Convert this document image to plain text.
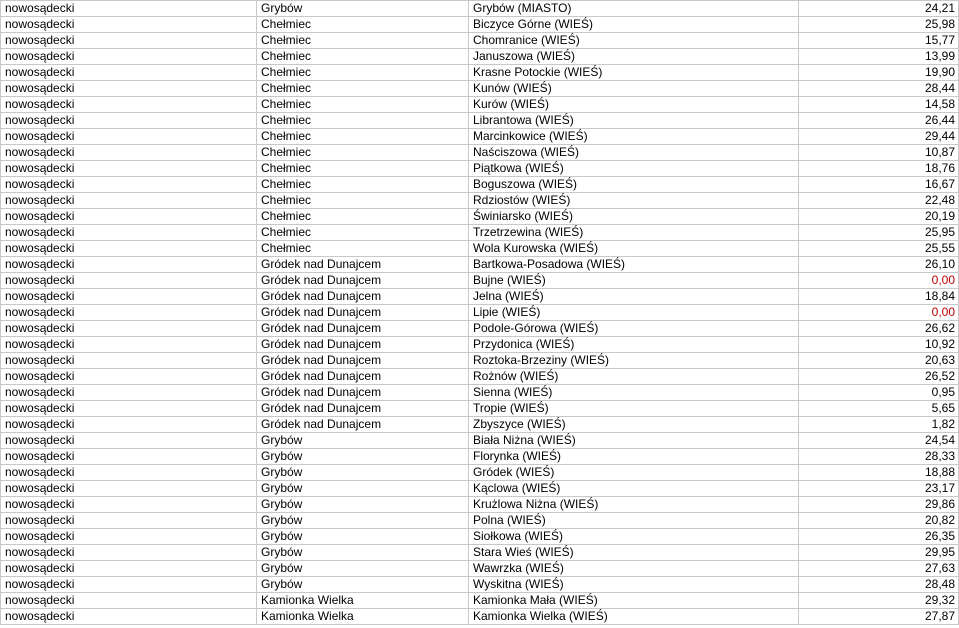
nowosądecki	Grybów	Grybów (MIASTO)	24,21
nowosądecki	Chełmiec	Biczyce Górne (WIEŚ)	25,98
nowosądecki	Chełmiec	Chomranice (WIEŚ)	15,77
nowosądecki	Chełmiec	Januszowa (WIEŚ)	13,99
nowosądecki	Chełmiec	Krasne Potockie (WIEŚ)	19,90
nowosądecki	Chełmiec	Kunów (WIEŚ)	28,44
nowosądecki	Chełmiec	Kurów (WIEŚ)	14,58
nowosądecki	Chełmiec	Librantowa (WIEŚ)	26,44
nowosądecki	Chełmiec	Marcinkowice (WIEŚ)	29,44
nowosądecki	Chełmiec	Naściszowa (WIEŚ)	10,87
nowosądecki	Chełmiec	Piątkowa (WIEŚ)	18,76
nowosądecki	Chełmiec	Boguszowa (WIEŚ)	16,67
nowosądecki	Chełmiec	Rdziostów (WIEŚ)	22,48
nowosądecki	Chełmiec	Świniarsko (WIEŚ)	20,19
nowosądecki	Chełmiec	Trzetrzewina (WIEŚ)	25,95
nowosądecki	Chełmiec	Wola Kurowska (WIEŚ)	25,55
nowosądecki	Gródek nad Dunajcem	Bartkowa-Posadowa (WIEŚ)	26,10
nowosądecki	Gródek nad Dunajcem	Bujne (WIEŚ)	0,00
nowosądecki	Gródek nad Dunajcem	Jelna (WIEŚ)	18,84
nowosądecki	Gródek nad Dunajcem	Lipie (WIEŚ)	0,00
nowosądecki	Gródek nad Dunajcem	Podole-Górowa (WIEŚ)	26,62
nowosądecki	Gródek nad Dunajcem	Przydonica (WIEŚ)	10,92
nowosądecki	Gródek nad Dunajcem	Roztoka-Brzeziny (WIEŚ)	20,63
nowosądecki	Gródek nad Dunajcem	Rożnów (WIEŚ)	26,52
nowosądecki	Gródek nad Dunajcem	Sienna (WIEŚ)	0,95
nowosądecki	Gródek nad Dunajcem	Tropie (WIEŚ)	5,65
nowosądecki	Gródek nad Dunajcem	Zbyszyce (WIEŚ)	1,82
nowosądecki	Grybów	Biała Niżna (WIEŚ)	24,54
nowosądecki	Grybów	Florynka (WIEŚ)	28,33
nowosądecki	Grybów	Gródek (WIEŚ)	18,88
nowosądecki	Grybów	Kąclowa (WIEŚ)	23,17
nowosądecki	Grybów	Krużlowa Niżna (WIEŚ)	29,86
nowosądecki	Grybów	Polna (WIEŚ)	20,82
nowosądecki	Grybów	Siołkowa (WIEŚ)	26,35
nowosądecki	Grybów	Stara Wieś (WIEŚ)	29,95
nowosądecki	Grybów	Wawrzka (WIEŚ)	27,63
nowosądecki	Grybów	Wyskitna (WIEŚ)	28,48
nowosądecki	Kamionka Wielka	Kamionka Mała (WIEŚ)	29,32
nowosądecki	Kamionka Wielka	Kamionka Wielka (WIEŚ)	27,87
